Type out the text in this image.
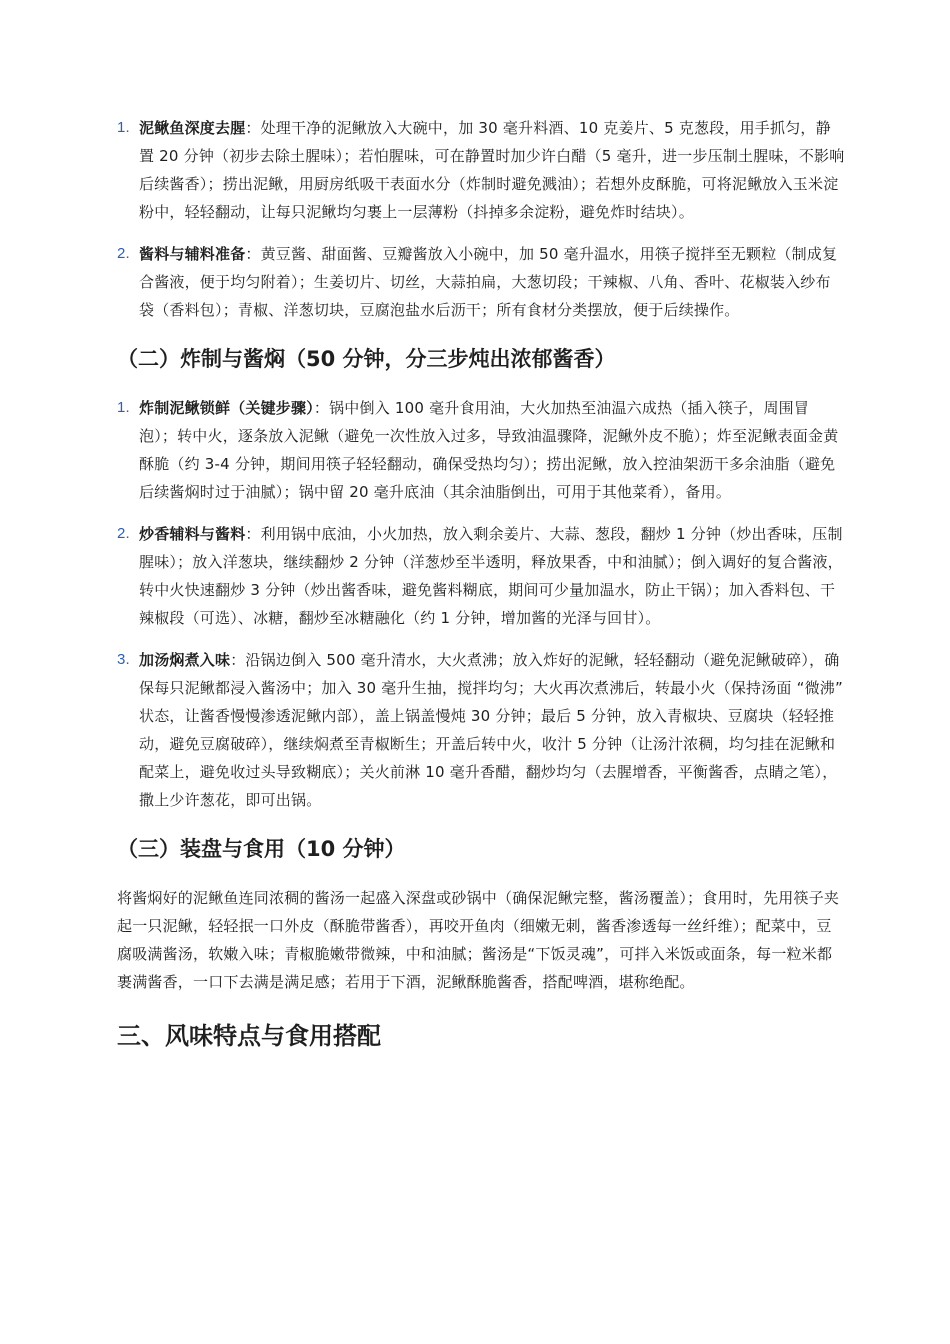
1. 泥鳅鱼深度去腥：处理干净的泥鳅放入大碗中，加 30 毫升料酒、10 克姜片、5 克葱段，用手抓匀，静置 20 分钟（初步去除土腥味）；若怕腥味，可在静置时加少许白醋（5 毫升，进一步压制土腥味，不影响后续酱香）；捞出泥鳅，用厨房纸吸干表面水分（炸制时避免溅油）；若想外皮酥脆，可将泥鳅放入玉米淀粉中，轻轻翻动，让每只泥鳅均匀裹上一层薄粉（抖掉多余淀粉，避免炸时结块）。
2. 酱料与辅料准备：黄豆酱、甜面酱、豆瓣酱放入小碗中，加 50 毫升温水，用筷子搅拌至无颗粒（制成复合酱液，便于均匀附着）；生姜切片、切丝，大蒜拍扁，大葱切段；干辣椒、八角、香叶、花椒装入纱布袋（香料包）；青椒、洋葱切块，豆腐泡盐水后沥干；所有食材分类摆放，便于后续操作。
（二）炸制与酱焖（50 分钟，分三步炖出浓郁酱香）
1. 炸制泥鳅锁鲜（关键步骤）：锅中倒入 100 毫升食用油，大火加热至油温六成热（插入筷子，周围冒泡）；转中火，逐条放入泥鳅（避免一次性放入过多，导致油温骤降，泥鳅外皮不脆）；炸至泥鳅表面金黄酥脆（约 3-4 分钟，期间用筷子轻轻翻动，确保受热均匀）；捞出泥鳅，放入控油架沥干多余油脂（避免后续酱焖时过于油腻）；锅中留 20 毫升底油（其余油脂倒出，可用于其他菜肴），备用。
2. 炒香辅料与酱料：利用锅中底油，小火加热，放入剩余姜片、大蒜、葱段，翻炒 1 分钟（炒出香味，压制腥味）；放入洋葱块，继续翻炒 2 分钟（洋葱炒至半透明，释放果香，中和油腻）；倒入调好的复合酱液，转中火快速翻炒 3 分钟（炒出酱香味，避免酱料糊底，期间可少量加温水，防止干锅）；加入香料包、干辣椒段（可选）、冰糖，翻炒至冰糖融化（约 1 分钟，增加酱的光泽与回甘）。
3. 加汤焖煮入味：沿锅边倒入 500 毫升清水，大火煮沸；放入炸好的泥鳅，轻轻翻动（避免泥鳅破碎），确保每只泥鳅都浸入酱汤中；加入 30 毫升生抽，搅拌均匀；大火再次煮沸后，转最小火（保持汤面 “微沸” 状态，让酱香慢慢渗透泥鳅内部），盖上锅盖慢炖 30 分钟；最后 5 分钟，放入青椒块、豆腐块（轻轻推动，避免豆腐破碎），继续焖煮至青椒断生；开盖后转中火，收汁 5 分钟（让汤汁浓稠，均匀挂在泥鳅和配菜上，避免收过头导致糊底）；关火前淋 10 毫升香醋，翻炒均匀（去腥增香，平衡酱香，点睛之笔），撒上少许葱花，即可出锅。
（三）装盘与食用（10 分钟）

将酱焖好的泥鳅鱼连同浓稠的酱汤一起盛入深盘或砂锅中（确保泥鳅完整，酱汤覆盖）；食用时，先用筷子夹起一只泥鳅，轻轻抿一口外皮（酥脆带酱香），再咬开鱼肉（细嫩无刺，酱香渗透每一丝纤维）；配菜中，豆腐吸满酱汤，软嫩入味；青椒脆嫩带微辣，中和油腻；酱汤是“下饭灵魂”，可拌入米饭或面条，每一粒米都裹满酱香，一口下去满是满足感；若用于下酒，泥鳅酥脆酱香，搭配啤酒，堪称绝配。

三、风味特点与食用搭配
